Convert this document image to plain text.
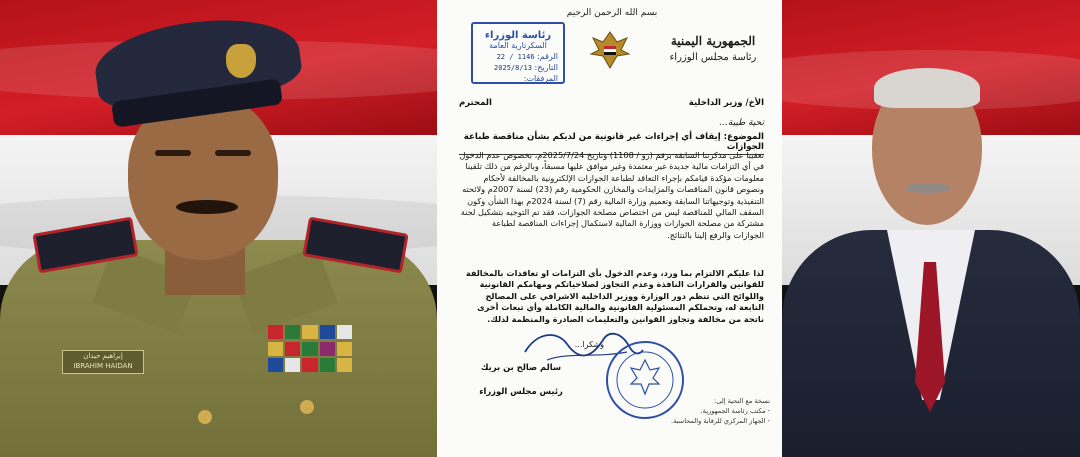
إبراهيم حيدان
IBRAHIM HAIDAN
بسم الله الرحمن الرحيم
رئاسة الوزراء
السكرتارية العامة
الرقم: 1146 / 22
التاريخ: 2025/8/13
المرفقات:
الجمهورية اليمنية
رئاسة مجلس الوزراء
الأخ/ وزير الداخلية
المحترم
تحية طيبة...
الموضوع: إيقاف أي إجراءات غير قانونية من لديكم بشأن مناقصة طباعة الجوازات
تعقيبا على مذكرتنا السابقة برقم (رو / 1108) وتاريخ 2025/7/24م، بخصوص عدم الدخول في أي التزامات مالية جديدة غير معتمدة وغير موافق عليها مسبقاً، وبالرغم من ذلك تلقينا معلومات مؤكدة قيامكم بإجراء التعاقد لطباعة الجوازات الإلكترونية بالمخالفة لأحكام ونصوص قانون المناقصات والمزايدات والمخازن الحكومية رقم (23) لسنة 2007م ولائحته التنفيذية وتوجيهاتنا السابقة وتعميم وزارة المالية رقم (7) لسنة 2024م بهذا الشأن وكون السقف المالي للمناقصة ليس من اختصاص مصلحة الجوازات، فقد تم التوجيه بتشكيل لجنة مشتركة من مصلحة الجوازات ووزارة المالية لاستكمال إجراءات المناقصة لطباعة الجوازات والرفع إلينا بالنتائج.
لذا عليكم الالتزام بما ورد، وعدم الدخول بأي التزامات او تعاقدات بالمخالفة للقوانين والقرارات النافذة وعدم التجاوز لصلاحياتكم ومهامكم القانونية واللوائح التي تنظم دور الوزارة ووزير الداخلية الاشرافي على المصالح التابعة له، وتحملكم المسئولية القانونية والمالية الكاملة وأي تبعات أخرى ناتجة من مخالفة وتجاوز القوانين والتعليمات الصادرة والمنظمة لذلك.
وشكرا...
سالم صالح بن بريك
رئيس مجلس الوزراء
نسخة مع التحية إلى:
- مكتب رئاسة الجمهورية.
- الجهاز المركزي للرقابة والمحاسبة.
